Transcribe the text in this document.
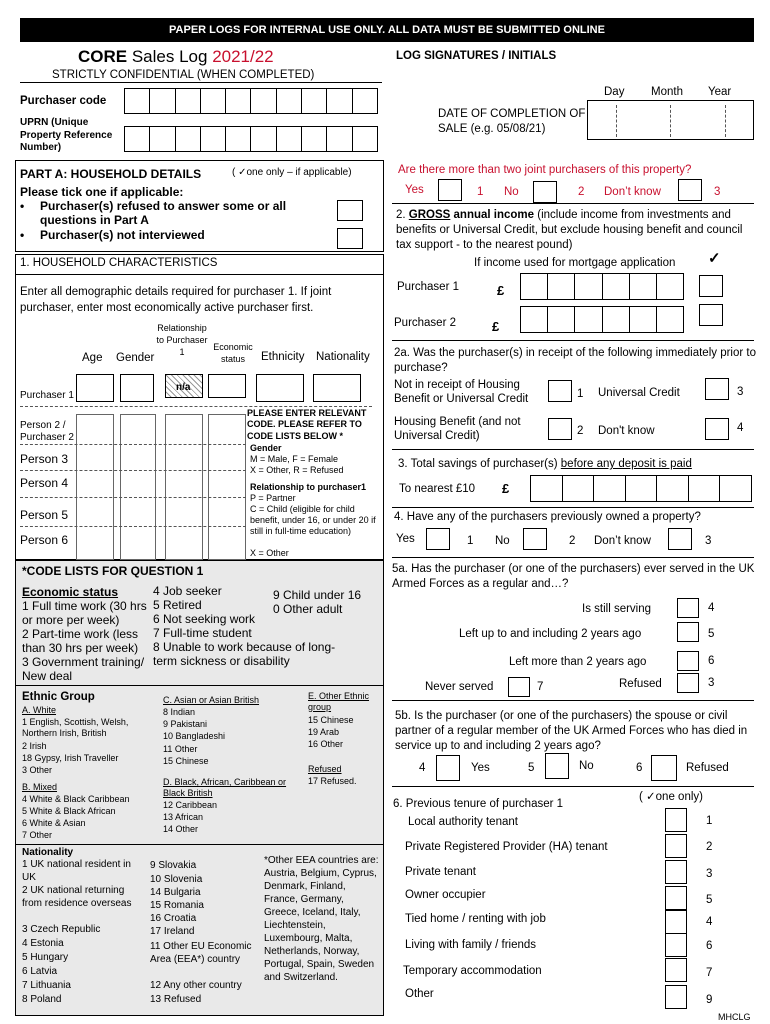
PAPER LOGS FOR INTERNAL USE ONLY. ALL DATA MUST BE SUBMITTED ONLINE
CORE Sales Log 2021/22
STRICTLY CONFIDENTIAL (WHEN COMPLETED)
LOG SIGNATURES / INITIALS
Purchaser code
UPRN (Unique Property Reference Number)
Day Month Year
DATE OF COMPLETION OF SALE (e.g. 05/08/21)
PART A: HOUSEHOLD DETAILS	( ✓one only – if applicable)
Please tick one if applicable:
• Purchaser(s) refused to answer some or all questions in Part A
• Purchaser(s) not interviewed
1. HOUSEHOLD CHARACTERISTICS
Enter all demographic details required for purchaser 1. If joint purchaser, enter most economically active purchaser first.
Age Gender
Relationship to Purchaser 1
Economic status	Ethnicity Nationality
Purchaser 1
n/a
Person 2 / Purchaser 2
Person 3
Person 4
Person 5
Person 6
PLEASE ENTER RELEVANT CODE. PLEASE REFER TO CODE LISTS BELOW *
Gender
M = Male, F = Female
X = Other, R = Refused
Relationship to purchaser1
P = Partner
C = Child (eligible for child benefit, under 16, or under 20 if still in full-time education)
X = Other
*CODE LISTS FOR QUESTION 1
Economic status
1 Full time work (30 hrs or more per week)
2 Part-time work (less than 30 hrs per week)
3 Government training/ New deal
4 Job seeker
5 Retired
6 Not seeking work
7 Full-time student
8 Unable to work because of long-term sickness or disability
9 Child under 16
0 Other adult
Ethnic Group
A. White
1 English, Scottish, Welsh, Northern Irish, British
2 Irish
18 Gypsy, Irish Traveller
3 Other
B. Mixed
4 White & Black Caribbean
5 White & Black African
6 White & Asian
7 Other
C. Asian or Asian British
8 Indian
9 Pakistani
10 Bangladeshi
11 Other
15 Chinese
D. Black, African, Caribbean or Black British
12 Caribbean
13 African
14 Other
E. Other Ethnic group
15 Chinese
19 Arab
16 Other
Refused
17 Refused.
Nationality
1 UK national resident in UK
2 UK national returning from residence overseas
3 Czech Republic
4 Estonia
5 Hungary
6 Latvia
7 Lithuania
8 Poland
9 Slovakia
10 Slovenia
14 Bulgaria
15 Romania
16 Croatia
17 Ireland
11 Other EU Economic Area (EEA*) country
12 Any other country
13 Refused
*Other EEA countries are: Austria, Belgium, Cyprus, Denmark, Finland, France, Germany, Greece, Iceland, Italy, Liechtenstein, Luxembourg, Malta, Netherlands, Norway, Portugal, Spain, Sweden and Switzerland.
Are there more than two joint purchasers of this property?
Yes	1 No	2 Don’t know	3
2. GROSS annual income (include income from investments and benefits or Universal Credit, but exclude housing benefit and council tax support - to the nearest pound)
If income used for mortgage application ✓
Purchaser 1	£
Purchaser 2	£
2a. Was the purchaser(s) in receipt of the following immediately prior to purchase?
Not in receipt of Housing Benefit or Universal Credit	1 Universal Credit	3
Housing Benefit (and not Universal Credit)	2 Don't know	4
3. Total savings of purchaser(s) before any deposit is paid
To nearest £10 £
4. Have any of the purchasers previously owned a property?
Yes	1 No	2 Don’t know	3
5a. Has the purchaser (or one of the purchasers) ever served in the UK Armed Forces as a regular and…?
Is still serving	4
Left up to and including 2 years ago	5
Left more than 2 years ago	6
Never served	7	Refused	3
5b. Is the purchaser (or one of the purchasers) the spouse or civil partner of a regular member of the UK Armed Forces who has died in service up to and including 2 years ago?
4	Yes	5	No	6	Refused
6. Previous tenure of purchaser 1
( ✓one only)
Local authority tenant	1
Private Registered Provider (HA) tenant	2
Private tenant	3
Owner occupier	5
Tied home / renting with job	4
Living with family / friends	6
Temporary accommodation	7
Other	9
MHCLG
